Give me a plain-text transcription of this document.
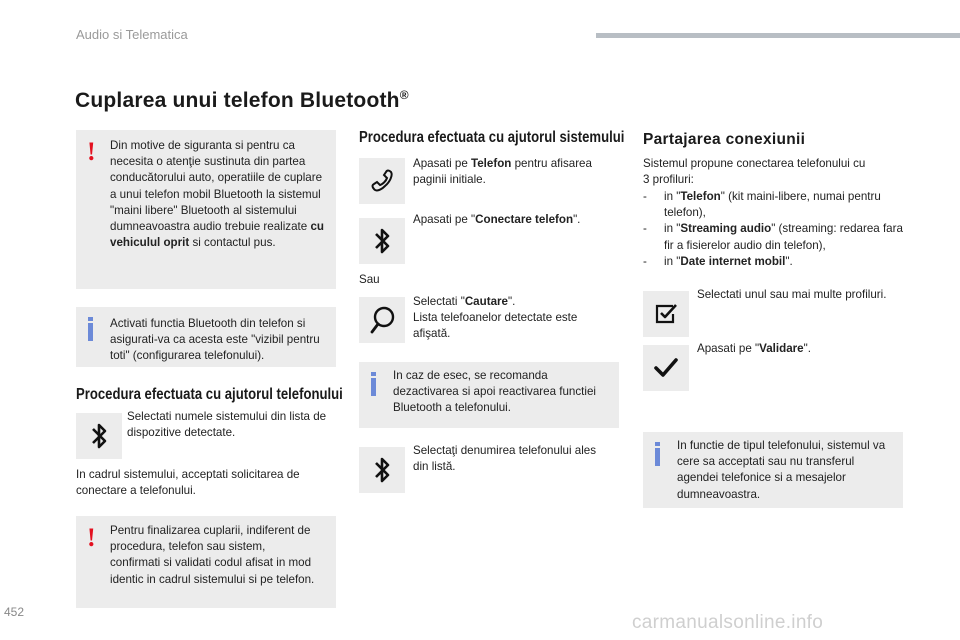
Audio si Telematica
Cuplarea unui telefon Bluetooth®
! Din motive de siguranta si pentru ca necesita o atenţie sustinuta din partea conducătorului auto, operatiile de cuplare a unui telefon mobil Bluetooth la sistemul "maini libere" Bluetooth al sistemului dumneavoastra audio trebuie realizate cu vehiculul oprit si contactul pus.
Activati functia Bluetooth din telefon si asigurati-va ca acesta este "vizibil pentru toti" (configurarea telefonului).
Procedura efectuata cu ajutorul telefonului
Selectati numele sistemului din lista de dispozitive detectate.
In cadrul sistemului, acceptati solicitarea de conectare a telefonului.
! Pentru finalizarea cuplarii, indiferent de procedura, telefon sau sistem, confirmati si validati codul afisat in mod identic in cadrul sistemului si pe telefon.
Procedura efectuata cu ajutorul sistemului
Apasati pe Telefon pentru afisarea paginii initiale.
Apasati pe "Conectare telefon".
Sau
Selectati "Cautare".
Lista telefoanelor detectate este afişată.
In caz de esec, se recomanda dezactivarea si apoi reactivarea functiei Bluetooth a telefonului.
Selectaţi denumirea telefonului ales din listă.
Partajarea conexiunii
Sistemul propune conectarea telefonului cu 3 profiluri:
- in "Telefon" (kit maini-libere, numai pentru telefon),
- in "Streaming audio" (streaming: redarea fara fir a fisierelor audio din telefon),
- in "Date internet mobil".
Selectati unul sau mai multe profiluri.
Apasati pe "Validare".
In functie de tipul telefonului, sistemul va cere sa acceptati sau nu transferul agendei telefonice si a mesajelor dumneavoastra.
452	carmanualsonline.info
